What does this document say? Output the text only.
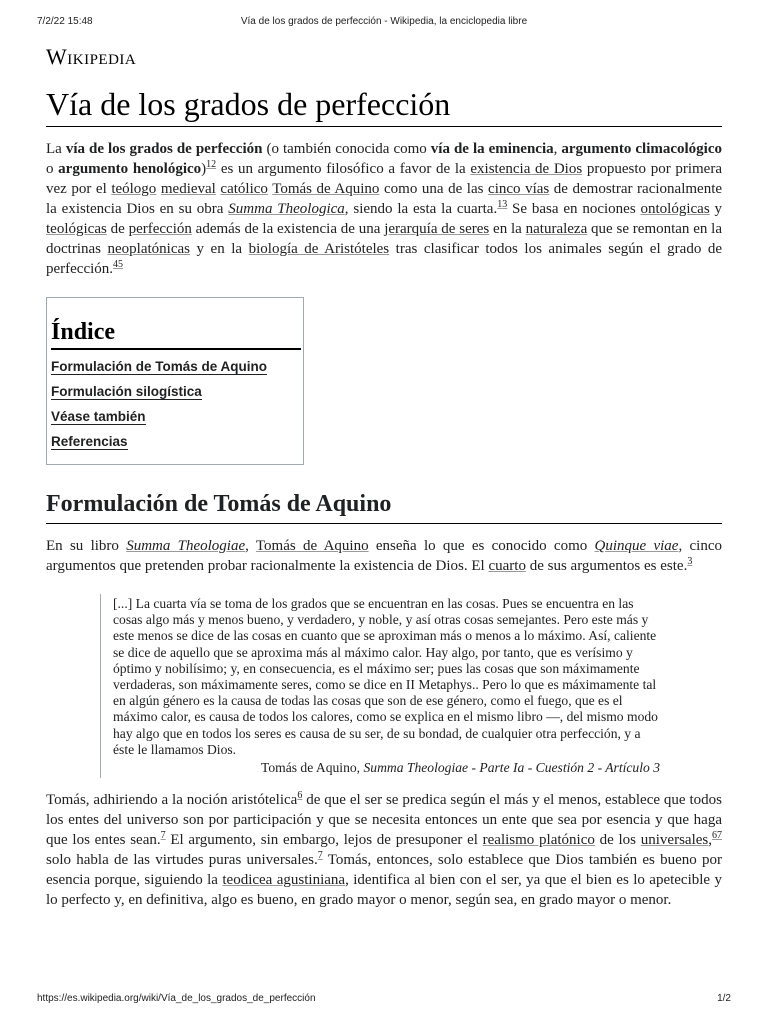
7/2/22 15:48	Vía de los grados de perfección - Wikipedia, la enciclopedia libre
Wikipedia
Vía de los grados de perfección

La vía de los grados de perfección (o también conocida como vía de la eminencia, argumento climacológico o argumento henológico)$^{12}$ es un argumento filosófico a favor de la existencia de Dios propuesto por primera vez por el teólogo medieval católico Tomás de Aquino como una de las cinco vías de demostrar racionalmente la existencia Dios en su obra Summa Theologica, siendo la esta la cuarta.$^{13}$ Se basa en nociones ontológicas y teológicas de perfección además de la existencia de una jerarquía de seres en la naturaleza que se remontan en la doctrinas neoplatónicas y en la biología de Aristóteles tras clasificar todos los animales según el grado de perfección.$^{45}$

Índice
Formulación de Tomás de Aquino
Formulación silogística
Véase también
Referencias
Formulación de Tomás de Aquino

En su libro Summa Theologiae, Tomás de Aquino enseña lo que es conocido como Quinque viae, cinco argumentos que pretenden probar racionalmente la existencia de Dios. El cuarto de sus argumentos es este.$^3$

[...] La cuarta vía se toma de los grados que se encuentran en las cosas. Pues se encuentra en las cosas algo más y menos bueno, y verdadero, y noble, y así otras cosas semejantes. Pero este más y este menos se dice de las cosas en cuanto que se aproximan más o menos a lo máximo. Así, caliente se dice de aquello que se aproxima más al máximo calor. Hay algo, por tanto, que es verísimo y óptimo y nobilísimo; y, en consecuencia, es el máximo ser; pues las cosas que son máximamente verdaderas, son máximamente seres, como se dice en II Metaphys.. Pero lo que es máximamente tal en algún género es la causa de todas las cosas que son de ese género, como el fuego, que es el máximo calor, es causa de todos los calores, como se explica en el mismo libro —, del mismo modo hay algo que en todos los seres es causa de su ser, de su bondad, de cualquier otra perfección, y a éste le llamamos Dios.
Tomás de Aquino, Summa Theologiae - Parte Ia - Cuestión 2 - Artículo 3

Tomás, adhiriendo a la noción aristótelica$^6$ de que el ser se predica según el más y el menos, establece que todos los entes del universo son por participación y que se necesita entonces un ente que sea por esencia y que haga que los entes sean.$^7$ El argumento, sin embargo, lejos de presuponer el realismo platónico de los universales,$^{67}$ solo habla de las virtudes puras universales.$^7$ Tomás, entonces, solo establece que Dios también es bueno por esencia porque, siguiendo la teodicea agustiniana, identifica al bien con el ser, ya que el bien es lo apetecible y lo perfecto y, en definitiva, algo es bueno, en grado mayor o menor, según sea, en grado mayor o menor.

https://es.wikipedia.org/wiki/Vía_de_los_grados_de_perfección	1/2
